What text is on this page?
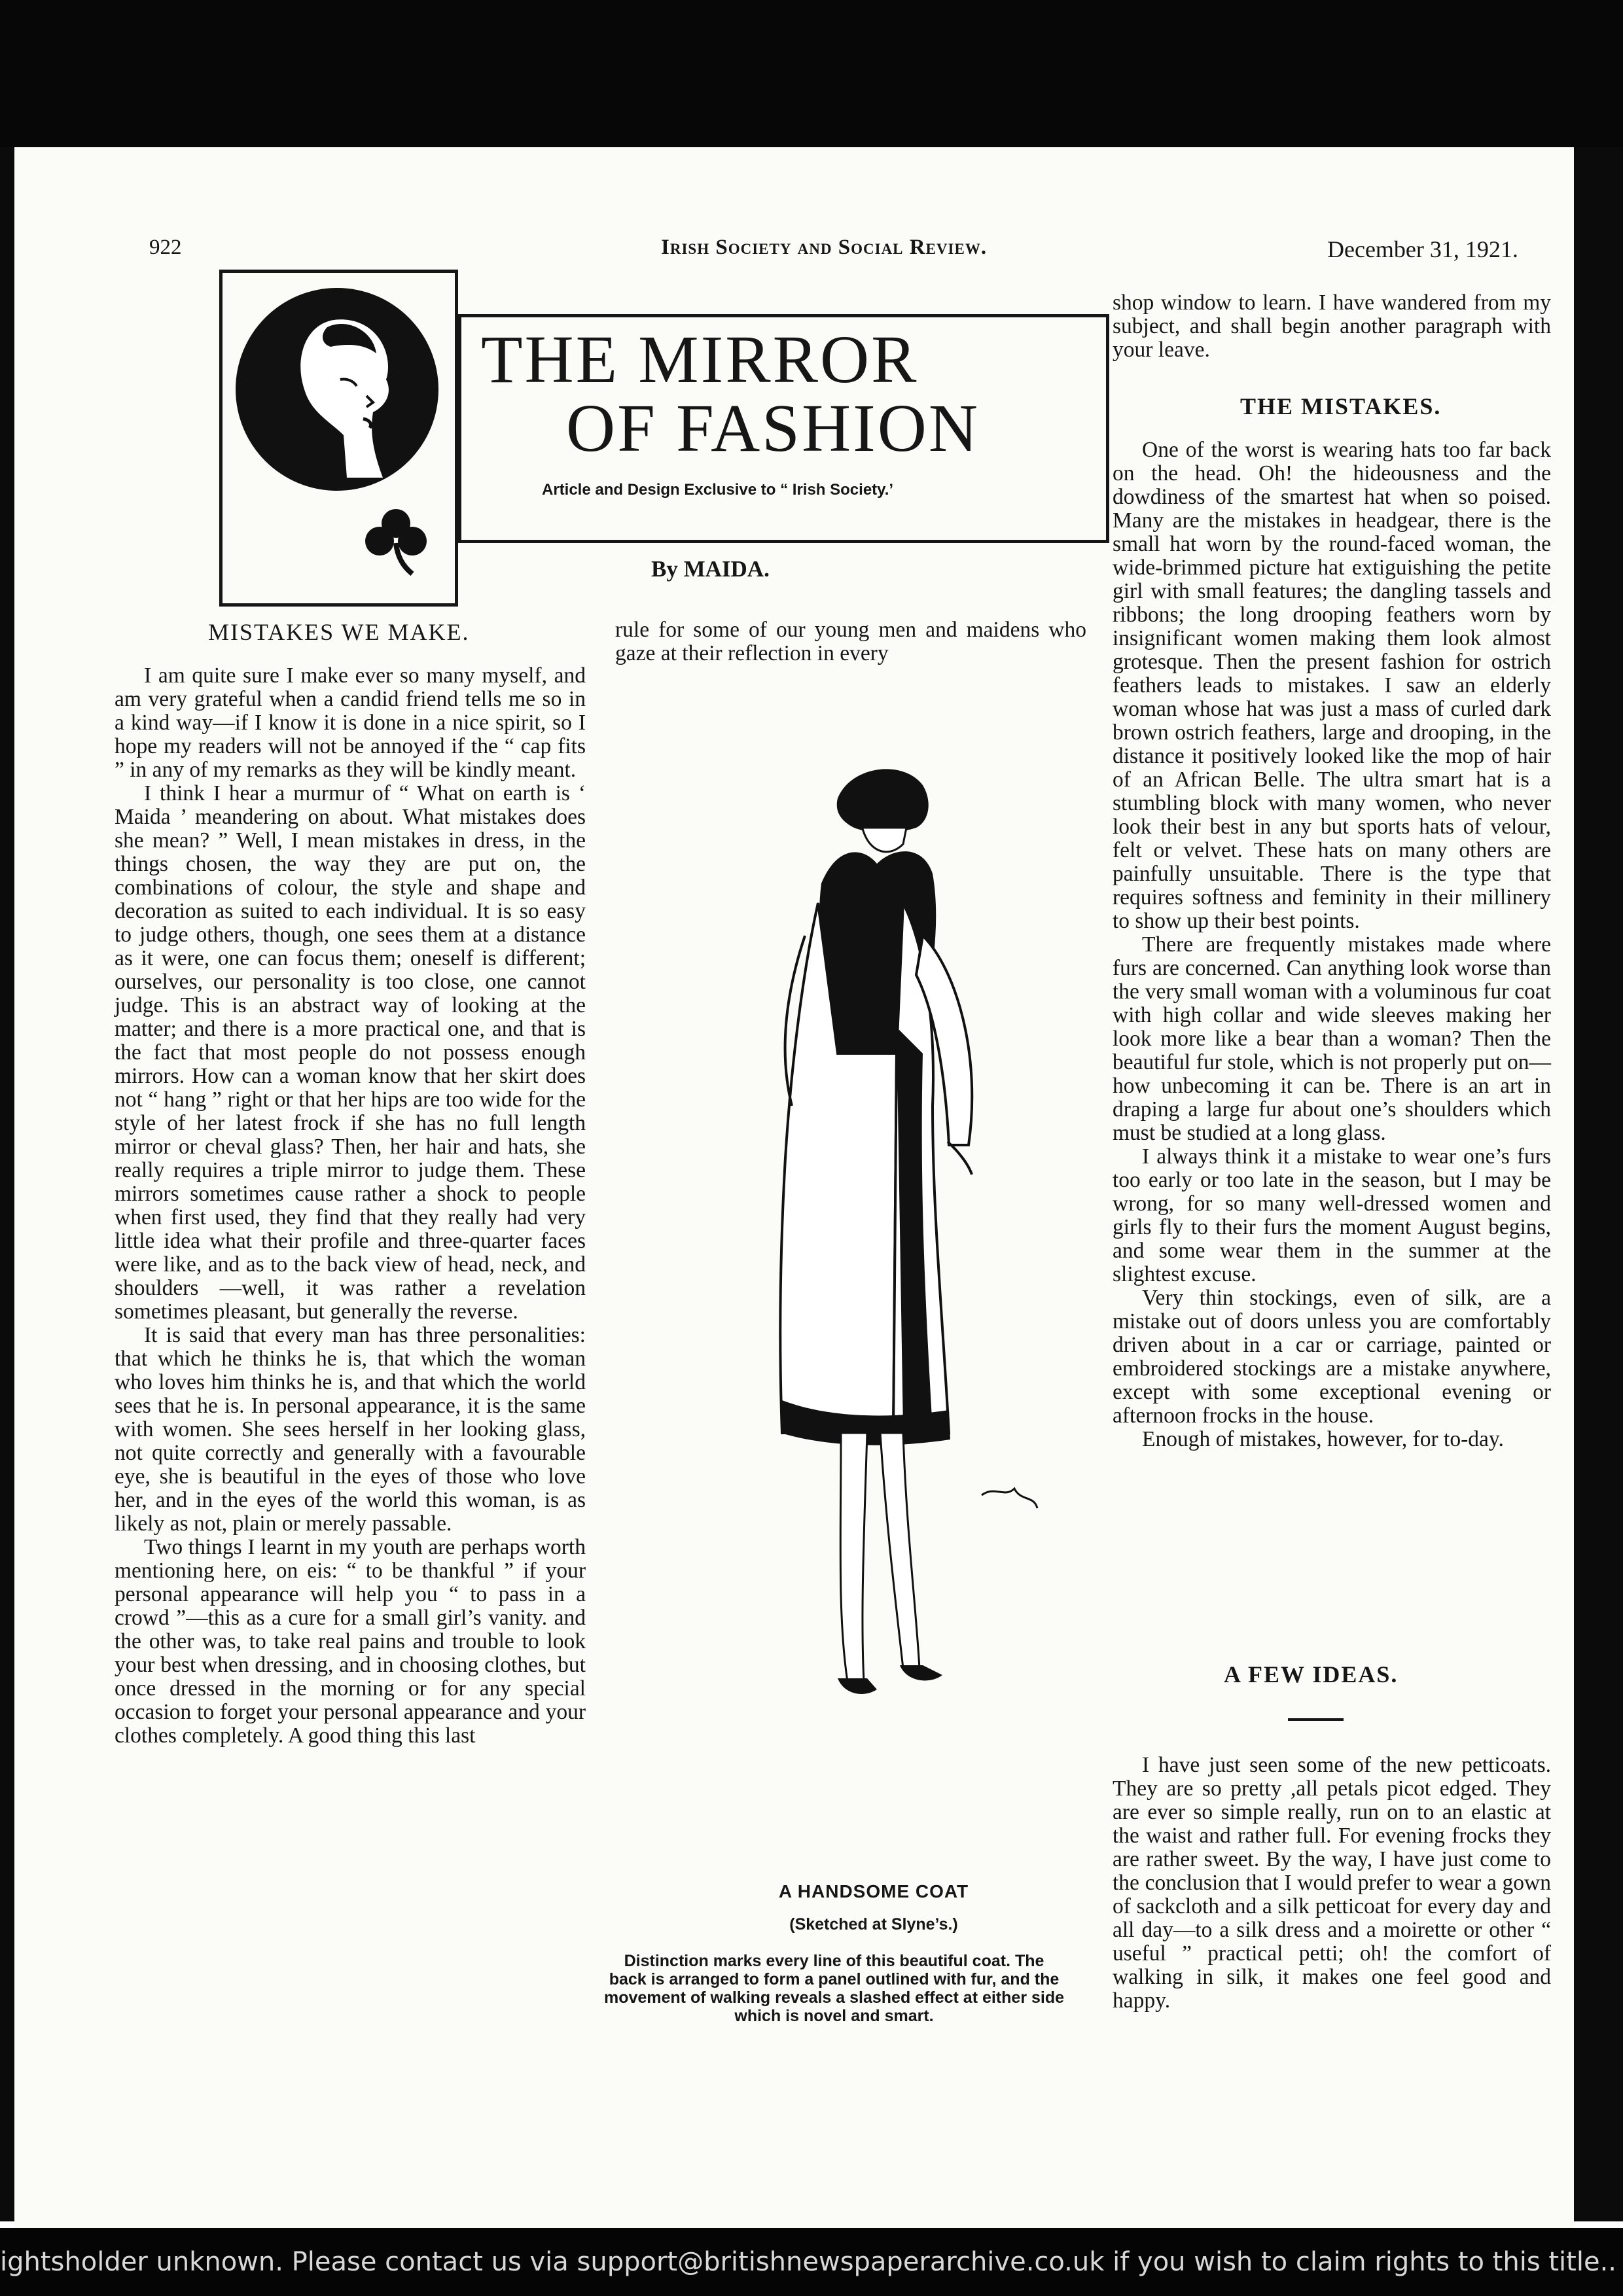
922	Irish Society and Social Review.	December 31, 1921.
THE MIRROR
OF FASHION
Article and Design Exclusive to “ Irish Society.’
By MAIDA.
MISTAKES WE MAKE.

I am quite sure I make ever so many myself, and am very grateful when a candid friend tells me so in a kind way—if I know it is done in a nice spirit, so I hope my readers will not be annoyed if the “ cap fits ” in any of my remarks as they will be kindly meant.

I think I hear a murmur of “ What on earth is ‘ Maida ’ meandering on about. What mistakes does she mean? ” Well, I mean mistakes in dress, in the things chosen, the way they are put on, the combinations of colour, the style and shape and decoration as suited to each individual. It is so easy to judge others, though, one sees them at a distance as it were, one can focus them; oneself is different; ourselves, our personality is too close, one cannot judge. This is an abstract way of looking at the matter; and there is a more practical one, and that is the fact that most people do not possess enough mirrors. How can a woman know that her skirt does not “ hang ” right or that her hips are too wide for the style of her latest frock if she has no full length mirror or cheval glass? Then, her hair and hats, she really requires a triple mirror to judge them. These mirrors sometimes cause rather a shock to people when first used, they find that they really had very little idea what their profile and three-quarter faces were like, and as to the back view of head, neck, and shoulders —well, it was rather a revelation sometimes pleasant, but generally the reverse.

It is said that every man has three personalities: that which he thinks he is, that which the woman who loves him thinks he is, and that which the world sees that he is. In personal appearance, it is the same with women. She sees herself in her looking glass, not quite correctly and generally with a favourable eye, she is beautiful in the eyes of those who love her, and in the eyes of the world this woman, is as likely as not, plain or merely passable.

Two things I learnt in my youth are perhaps worth mentioning here, on eis: “ to be thankful ” if your personal appearance will help you “ to pass in a crowd ”—this as a cure for a small girl’s vanity. and the other was, to take real pains and trouble to look your best when dressing, and in choosing clothes, but once dressed in the morning or for any special occasion to forget your personal appearance and your clothes completely. A good thing this last

rule for some of our young men and maidens who gaze at their reflection in every

A HANDSOME COAT
(Sketched at Slyne’s.)
Distinction marks every line of this beautiful coat. The back is arranged to form a panel outlined with fur, and the movement of walking reveals a slashed effect at either side which is novel and smart.

shop window to learn. I have wandered from my subject, and shall begin another paragraph with your leave.

THE MISTAKES.

One of the worst is wearing hats too far back on the head. Oh! the hideousness and the dowdiness of the smartest hat when so poised. Many are the mistakes in headgear, there is the small hat worn by the round-faced woman, the wide-brimmed picture hat extiguishing the petite girl with small features; the dangling tassels and ribbons; the long drooping feathers worn by insignificant women making them look almost grotesque. Then the present fashion for ostrich feathers leads to mistakes. I saw an elderly woman whose hat was just a mass of curled dark brown ostrich feathers, large and drooping, in the distance it positively looked like the mop of hair of an African Belle. The ultra smart hat is a stumbling block with many women, who never look their best in any but sports hats of velour, felt or velvet. These hats on many others are painfully unsuitable. There is the type that requires softness and feminity in their millinery to show up their best points.

There are frequently mistakes made where furs are concerned. Can anything look worse than the very small woman with a voluminous fur coat with high collar and wide sleeves making her look more like a bear than a woman? Then the beautiful fur stole, which is not properly put on—how unbecoming it can be. There is an art in draping a large fur about one’s shoulders which must be studied at a long glass.

I always think it a mistake to wear one’s furs too early or too late in the season, but I may be wrong, for so many well-dressed women and girls fly to their furs the moment August begins, and some wear them in the summer at the slightest excuse.

Very thin stockings, even of silk, are a mistake out of doors unless you are comfortably driven about in a car or carriage, painted or embroidered stockings are a mistake anywhere, except with some exceptional evening or afternoon frocks in the house.

Enough of mistakes, however, for to-day.

A FEW IDEAS.

I have just seen some of the new petticoats. They are so pretty ,all petals picot edged. They are ever so simple really, run on to an elastic at the waist and rather full. For evening frocks they are rather sweet. By the way, I have just come to the conclusion that I would prefer to wear a gown of sackcloth and a silk petticoat for every day and all day—to a silk dress and a moirette or other “ useful ” practical petti; oh! the comfort of walking in silk, it makes one feel good and happy.

ightsholder unknown. Please contact us via support@britishnewspaperarchive.co.uk if you wish to claim rights to this title..
